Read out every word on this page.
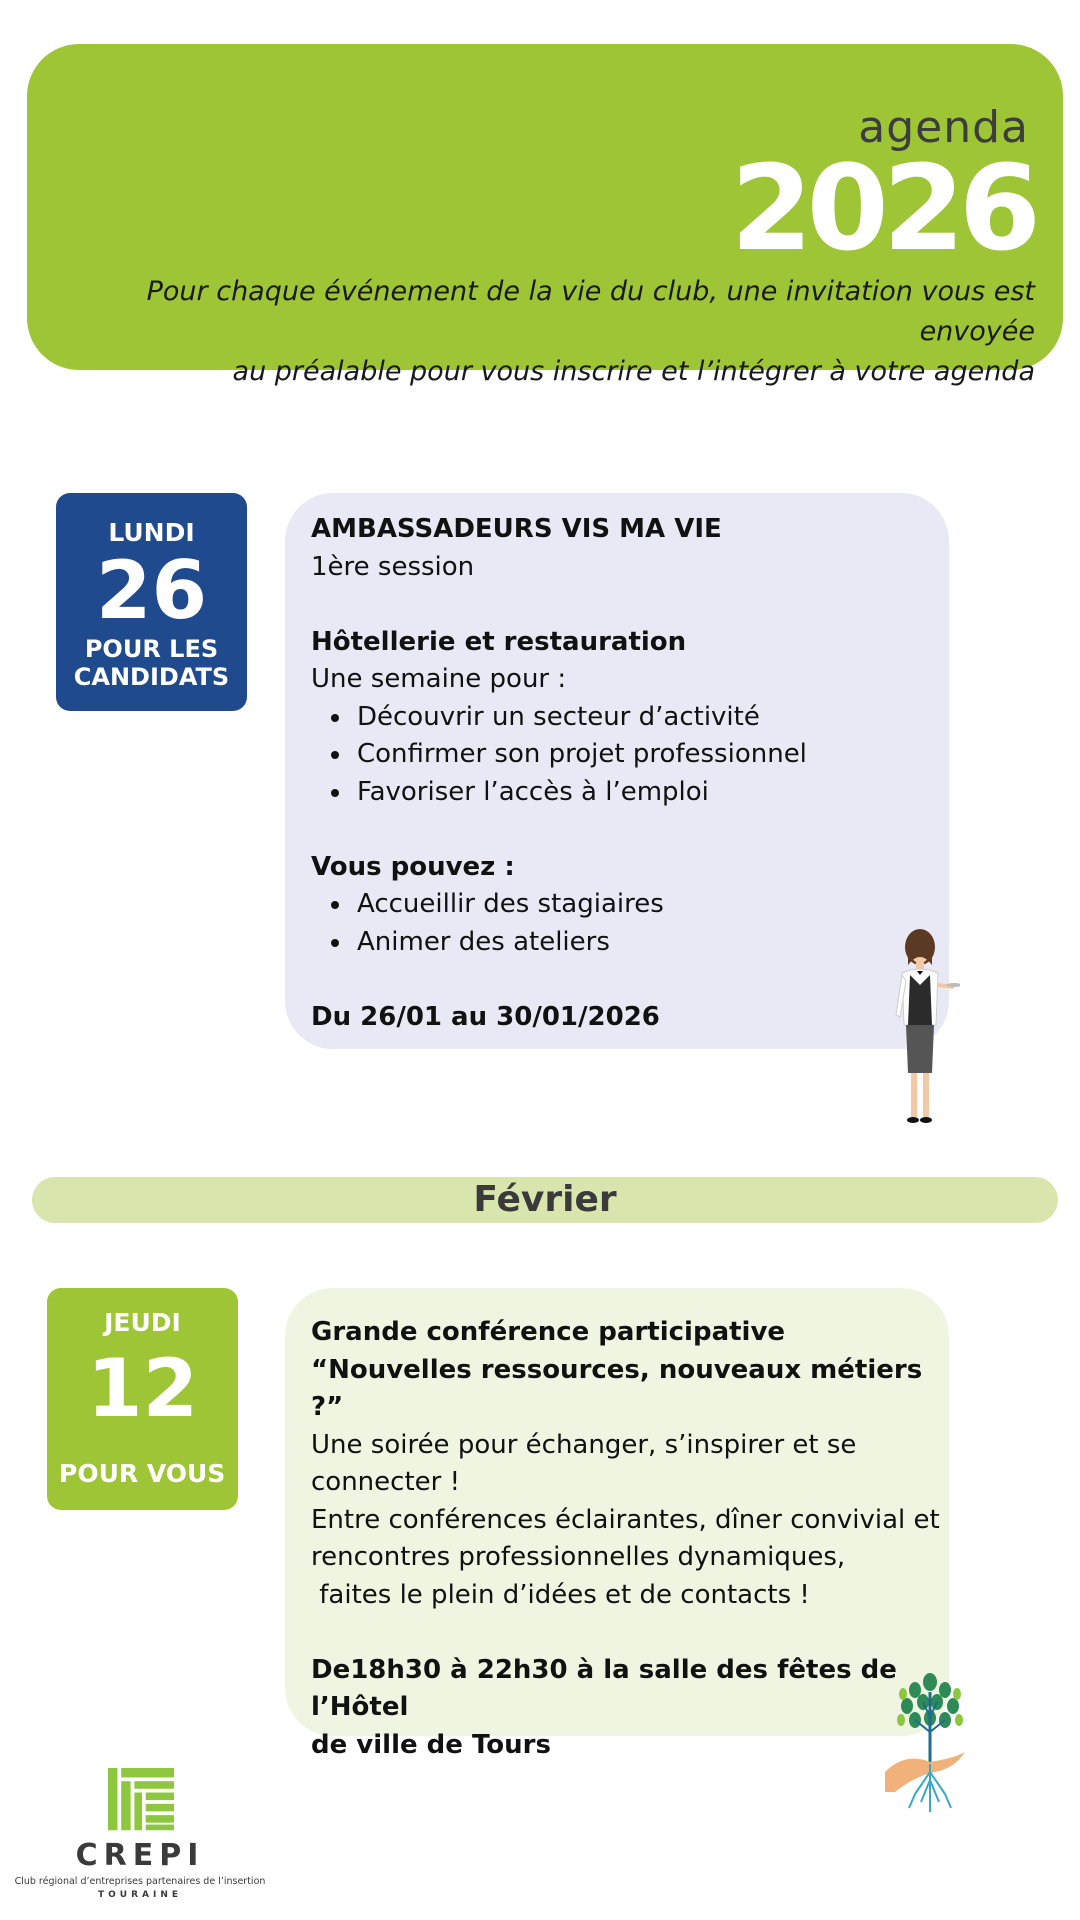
agenda
2026
Pour chaque événement de la vie du club, une invitation vous est envoyée
au préalable pour vous inscrire et l’intégrer à votre agenda
LUNDI
26
POUR LES
CANDIDATS
AMBASSADEURS VIS MA VIE
1ère session
Hôtellerie et restauration
Une semaine pour :
Découvrir un secteur d’activité
Confirmer son projet professionnel
Favoriser l’accès à l’emploi
Vous pouvez :
Accueillir des stagiaires
Animer des ateliers
Du 26/01 au 30/01/2026
Février
JEUDI
12
POUR VOUS
Grande conférence participative
“Nouvelles ressources, nouveaux métiers ?”
Une soirée pour échanger, s’inspirer et se
connecter !
Entre conférences éclairantes, dîner convivial et
rencontres professionnelles dynamiques,
faites le plein d’idées et de contacts !
De18h30 à 22h30 à la salle des fêtes de l’Hôtel
de ville de Tours
CREPI
Club régional d’entreprises partenaires de l’insertion
TOURAINE
